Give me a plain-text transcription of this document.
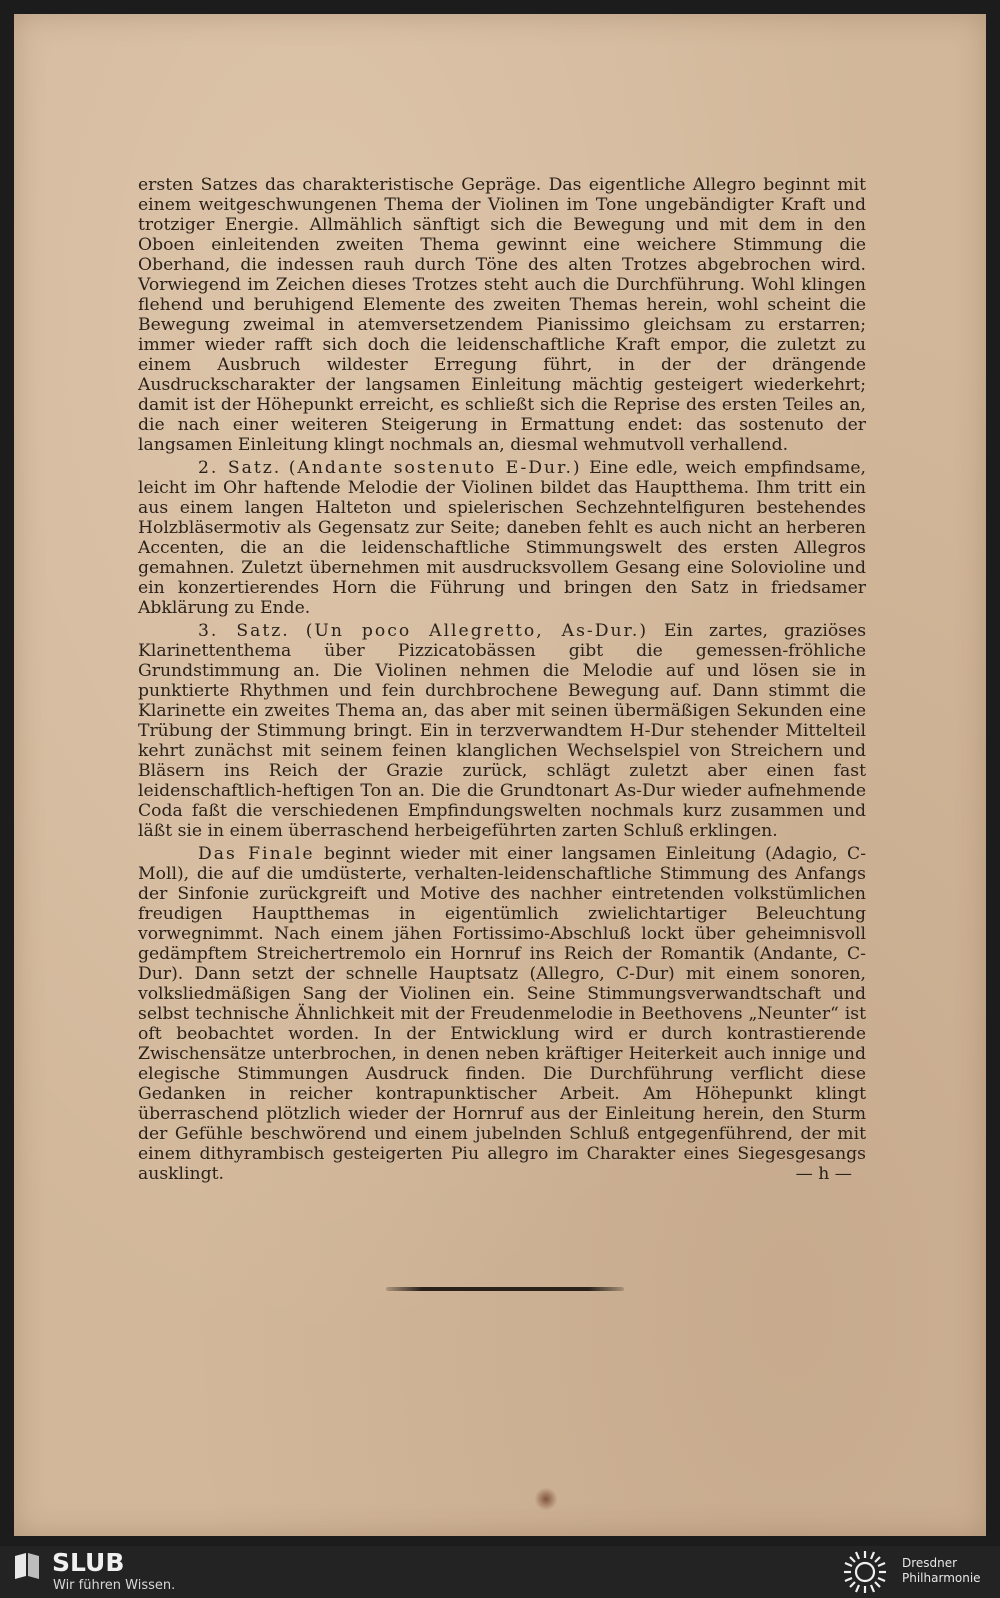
ersten Satzes das charakteristische Gepräge. Das eigentliche Allegro beginnt mit einem weitgeschwungenen Thema der Violinen im Tone ungebändigter Kraft und trotziger Energie. Allmählich sänftigt sich die Bewegung und mit dem in den Oboen einleitenden zweiten Thema gewinnt eine weichere Stimmung die Oberhand, die indessen rauh durch Töne des alten Trotzes abgebrochen wird. Vorwiegend im Zeichen dieses Trotzes steht auch die Durchführung. Wohl klingen flehend und beruhigend Elemente des zweiten Themas herein, wohl scheint die Bewegung zweimal in atemversetzendem Pianissimo gleichsam zu erstarren; immer wieder rafft sich doch die leidenschaftliche Kraft empor, die zuletzt zu einem Ausbruch wildester Erregung führt, in der der drängende Ausdruckscharakter der langsamen Einleitung mächtig gesteigert wiederkehrt; damit ist der Höhepunkt erreicht, es schließt sich die Reprise des ersten Teiles an, die nach einer weiteren Steigerung in Ermattung endet: das sostenuto der langsamen Einleitung klingt nochmals an, diesmal wehmutvoll verhallend.

2. Satz. (Andante sostenuto E-Dur.) Eine edle, weich empfindsame, leicht im Ohr haftende Melodie der Violinen bildet das Hauptthema. Ihm tritt ein aus einem langen Halteton und spielerischen Sechzehntelfiguren bestehendes Holzbläsermotiv als Gegensatz zur Seite; daneben fehlt es auch nicht an herberen Accenten, die an die leidenschaftliche Stimmungswelt des ersten Allegros gemahnen. Zuletzt übernehmen mit ausdrucksvollem Gesang eine Solovioline und ein konzertierendes Horn die Führung und bringen den Satz in friedsamer Abklärung zu Ende.

3. Satz. (Un poco Allegretto, As-Dur.) Ein zartes, graziöses Klarinettenthema über Pizzicatobässen gibt die gemessen-fröhliche Grundstimmung an. Die Violinen nehmen die Melodie auf und lösen sie in punktierte Rhythmen und fein durchbrochene Bewegung auf. Dann stimmt die Klarinette ein zweites Thema an, das aber mit seinen übermäßigen Sekunden eine Trübung der Stimmung bringt. Ein in terzverwandtem H-Dur stehender Mittelteil kehrt zunächst mit seinem feinen klanglichen Wechselspiel von Streichern und Bläsern ins Reich der Grazie zurück, schlägt zuletzt aber einen fast leidenschaftlich-heftigen Ton an. Die die Grundtonart As-Dur wieder aufnehmende Coda faßt die verschiedenen Empfindungswelten nochmals kurz zusammen und läßt sie in einem überraschend herbeigeführten zarten Schluß erklingen.

Das Finale beginnt wieder mit einer langsamen Einleitung (Adagio, C-Moll), die auf die umdüsterte, verhalten-leidenschaftliche Stimmung des Anfangs der Sinfonie zurückgreift und Motive des nachher eintretenden volkstümlichen freudigen Hauptthemas in eigentümlich zwielichtartiger Beleuchtung vorwegnimmt. Nach einem jähen Fortissimo-Abschluß lockt über geheimnisvoll gedämpftem Streichertremolo ein Hornruf ins Reich der Romantik (Andante, C-Dur). Dann setzt der schnelle Hauptsatz (Allegro, C-Dur) mit einem sonoren, volksliedmäßigen Sang der Violinen ein. Seine Stimmungsverwandtschaft und selbst technische Ähnlichkeit mit der Freudenmelodie in Beethovens „Neunter“ ist oft beobachtet worden. In der Entwicklung wird er durch kontrastierende Zwischensätze unterbrochen, in denen neben kräftiger Heiterkeit auch innige und elegische Stimmungen Ausdruck finden. Die Durchführung verflicht diese Gedanken in reicher kontrapunktischer Arbeit. Am Höhepunkt klingt überraschend plötzlich wieder der Hornruf aus der Einleitung herein, den Sturm der Gefühle beschwörend und einem jubelnden Schluß entgegenführend, der mit einem dithyrambisch gesteigerten Piu allegro im Charakter eines Siegesgesangs ausklingt.	— h —

SLUB
Wir führen Wissen.
Dresdner
Philharmonie
